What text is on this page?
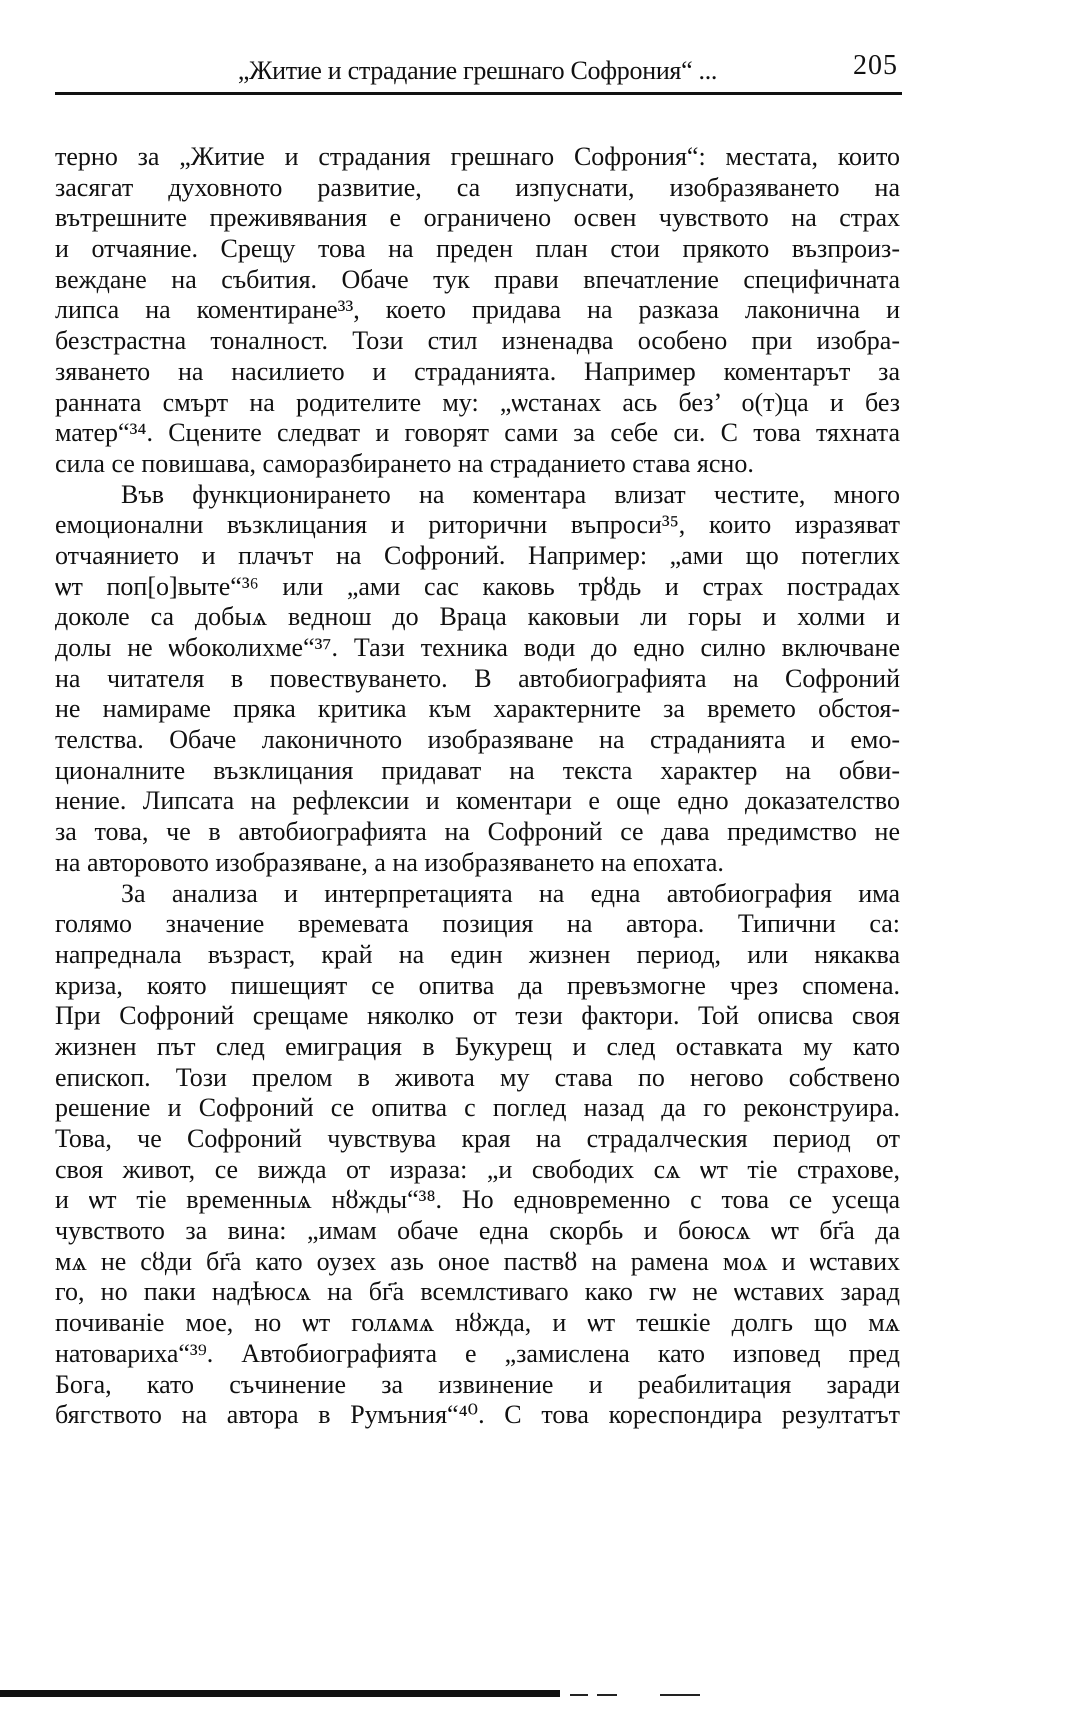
„Житие и страдание грешнаго Софрония“ ...	205
терно за „Житие и страдания грешнаго Софрония“: местата, които
засягат духовното развитие, са изпуснати, изобразяването на
вътрешните преживявания е ограничено освен чувството на страх
и отчаяние. Срещу това на преден план стои прякото възпроиз-
веждане на събития. Обаче тук прави впечатление специфичната
липса на коментиране³³, което придава на разказа лаконична и
безстрастна тоналност. Този стил изненадва особено при изобра-
зяването на насилието и страданията. Например коментарът за
ранната смърт на родителите му: „ѡстанах ась без’ о(т)ца и без
матер“³⁴. Сцените следват и говорят сами за себе си. С това тяхната
сила се повишава, саморазбирането на страданието става ясно.
Във функционирането на коментара влизат честите, много
емоционални възклицания и риторични въпроси³⁵, които изразяват
отчаянието и плачът на Софроний. Например: „ами що потеглих
ѡт поп[о]выте“³⁶ или „ами сас каковь трȣдь и страх пострадах
доколе са добыѧ веднош до Враца каковыи ли горы и холми и
долы не ѡбоколихме“³⁷. Тази техника води до едно силно включване
на читателя в повествуването. В автобиографията на Софроний
не намираме пряка критика към характерните за времето обстоя-
телства. Обаче лаконичното изобразяване на страданията и емо-
ционалните възклицания придават на текста характер на обви-
нение. Липсата на рефлексии и коментари е още едно доказателство
за това, че в автобиографията на Софроний се дава предимство не
на авторовото изобразяване, а на изобразяването на епохата.
За анализа и интерпретацията на една автобиография има
голямо значение времевата позиция на автора. Типични са:
напреднала възраст, край на един жизнен период, или някаква
криза, която пишещият се опитва да превъзмогне чрез спомена.
При Софроний срещаме няколко от тези фактори. Той описва своя
жизнен път след емиграция в Букурещ и след оставката му като
епископ. Този прелом в живота му става по негово собствено
решение и Софроний се опитва с поглед назад да го реконструира.
Това, че Софроний чувствува края на страдалческия период от
своя живот, се вижда от израза: „и свободих сѧ ѡт тіе страхове,
и ѡт тіе временныѧ нȣжды“³⁸. Но едновременно с това се усеща
чувството за вина: „имам обаче една скорбь и боюсѧ ѡт бг҃а да
мѧ не сȣди бг҃а като оузех азь оное паствȣ на рамена моѧ и ѡставих
го, но паки надѣюсѧ на бг҃а всемлстиваго како гѡ не ѡставих зарад
почиваніе мое, но ѡт голѧмѧ нȣжда, и ѡт тешкіе долгь що мѧ
натовариха“³⁹. Автобиографията е „замислена като изповед пред
Бога, като съчинение за извинение и реабилитация заради
бягството на автора в Румъния“⁴⁰. С това кореспондира резултатът
